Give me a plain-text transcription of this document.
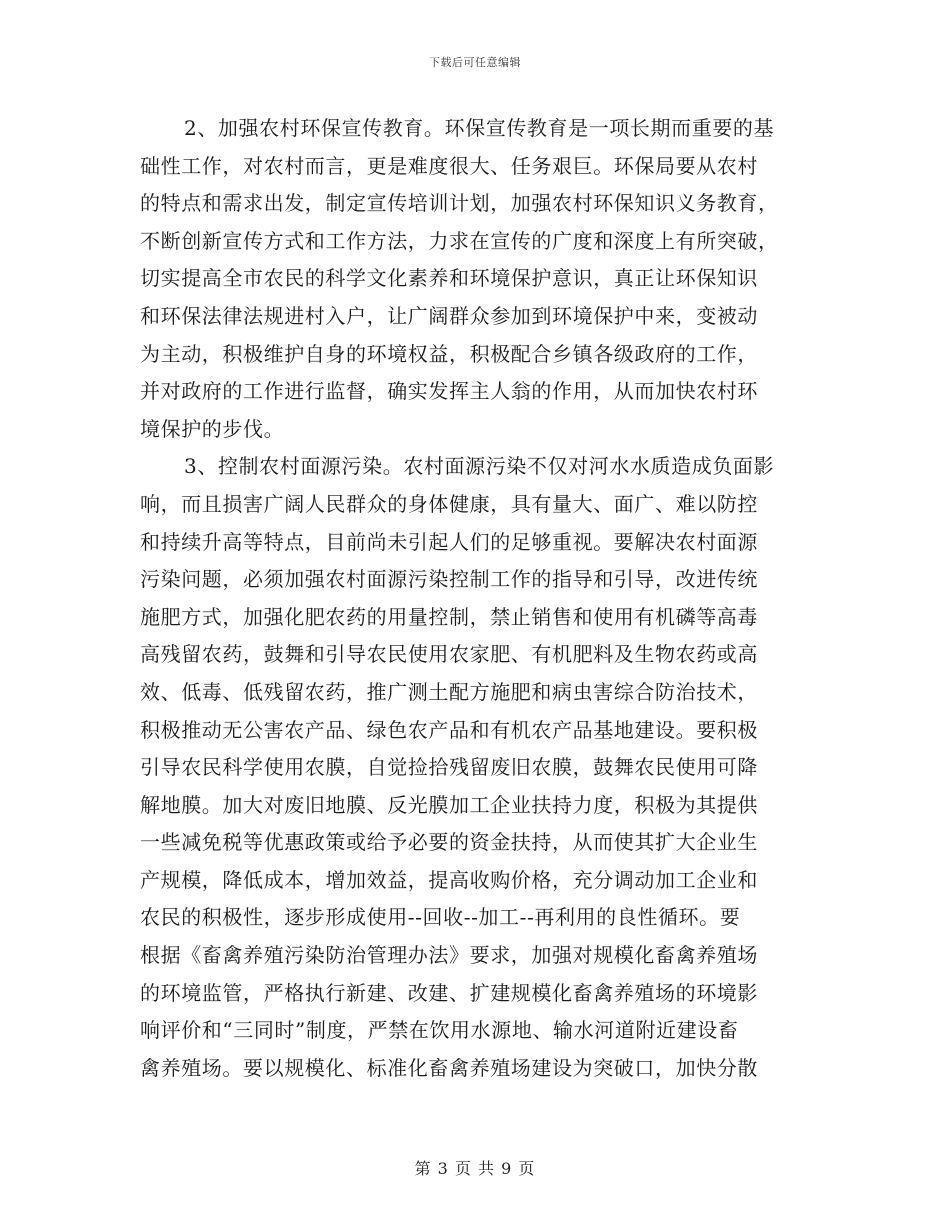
下载后可任意编辑
2、加强农村环保宣传教育。环保宣传教育是一项长期而重要的基
础性工作，对农村而言，更是难度很大、任务艰巨。环保局要从农村
的特点和需求出发，制定宣传培训计划，加强农村环保知识义务教育，
不断创新宣传方式和工作方法，力求在宣传的广度和深度上有所突破，
切实提高全市农民的科学文化素养和环境保护意识，真正让环保知识
和环保法律法规进村入户，让广阔群众参加到环境保护中来，变被动
为主动，积极维护自身的环境权益，积极配合乡镇各级政府的工作，
并对政府的工作进行监督，确实发挥主人翁的作用，从而加快农村环
境保护的步伐。
3、控制农村面源污染。农村面源污染不仅对河水水质造成负面影
响，而且损害广阔人民群众的身体健康，具有量大、面广、难以防控
和持续升高等特点，目前尚未引起人们的足够重视。要解决农村面源
污染问题，必须加强农村面源污染控制工作的指导和引导，改进传统
施肥方式，加强化肥农药的用量控制，禁止销售和使用有机磷等高毒
高残留农药，鼓舞和引导农民使用农家肥、有机肥料及生物农药或高
效、低毒、低残留农药，推广测土配方施肥和病虫害综合防治技术，
积极推动无公害农产品、绿色农产品和有机农产品基地建设。要积极
引导农民科学使用农膜，自觉捡拾残留废旧农膜，鼓舞农民使用可降
解地膜。加大对废旧地膜、反光膜加工企业扶持力度，积极为其提供
一些减免税等优惠政策或给予必要的资金扶持，从而使其扩大企业生
产规模，降低成本，增加效益，提高收购价格，充分调动加工企业和
农民的积极性，逐步形成使用--回收--加工--再利用的良性循环。要
根据《畜禽养殖污染防治管理办法》要求，加强对规模化畜禽养殖场
的环境监管，严格执行新建、改建、扩建规模化畜禽养殖场的环境影
响评价和“三同时”制度，严禁在饮用水源地、输水河道附近建设畜
禽养殖场。要以规模化、标准化畜禽养殖场建设为突破口，加快分散
第 3 页 共 9 页
